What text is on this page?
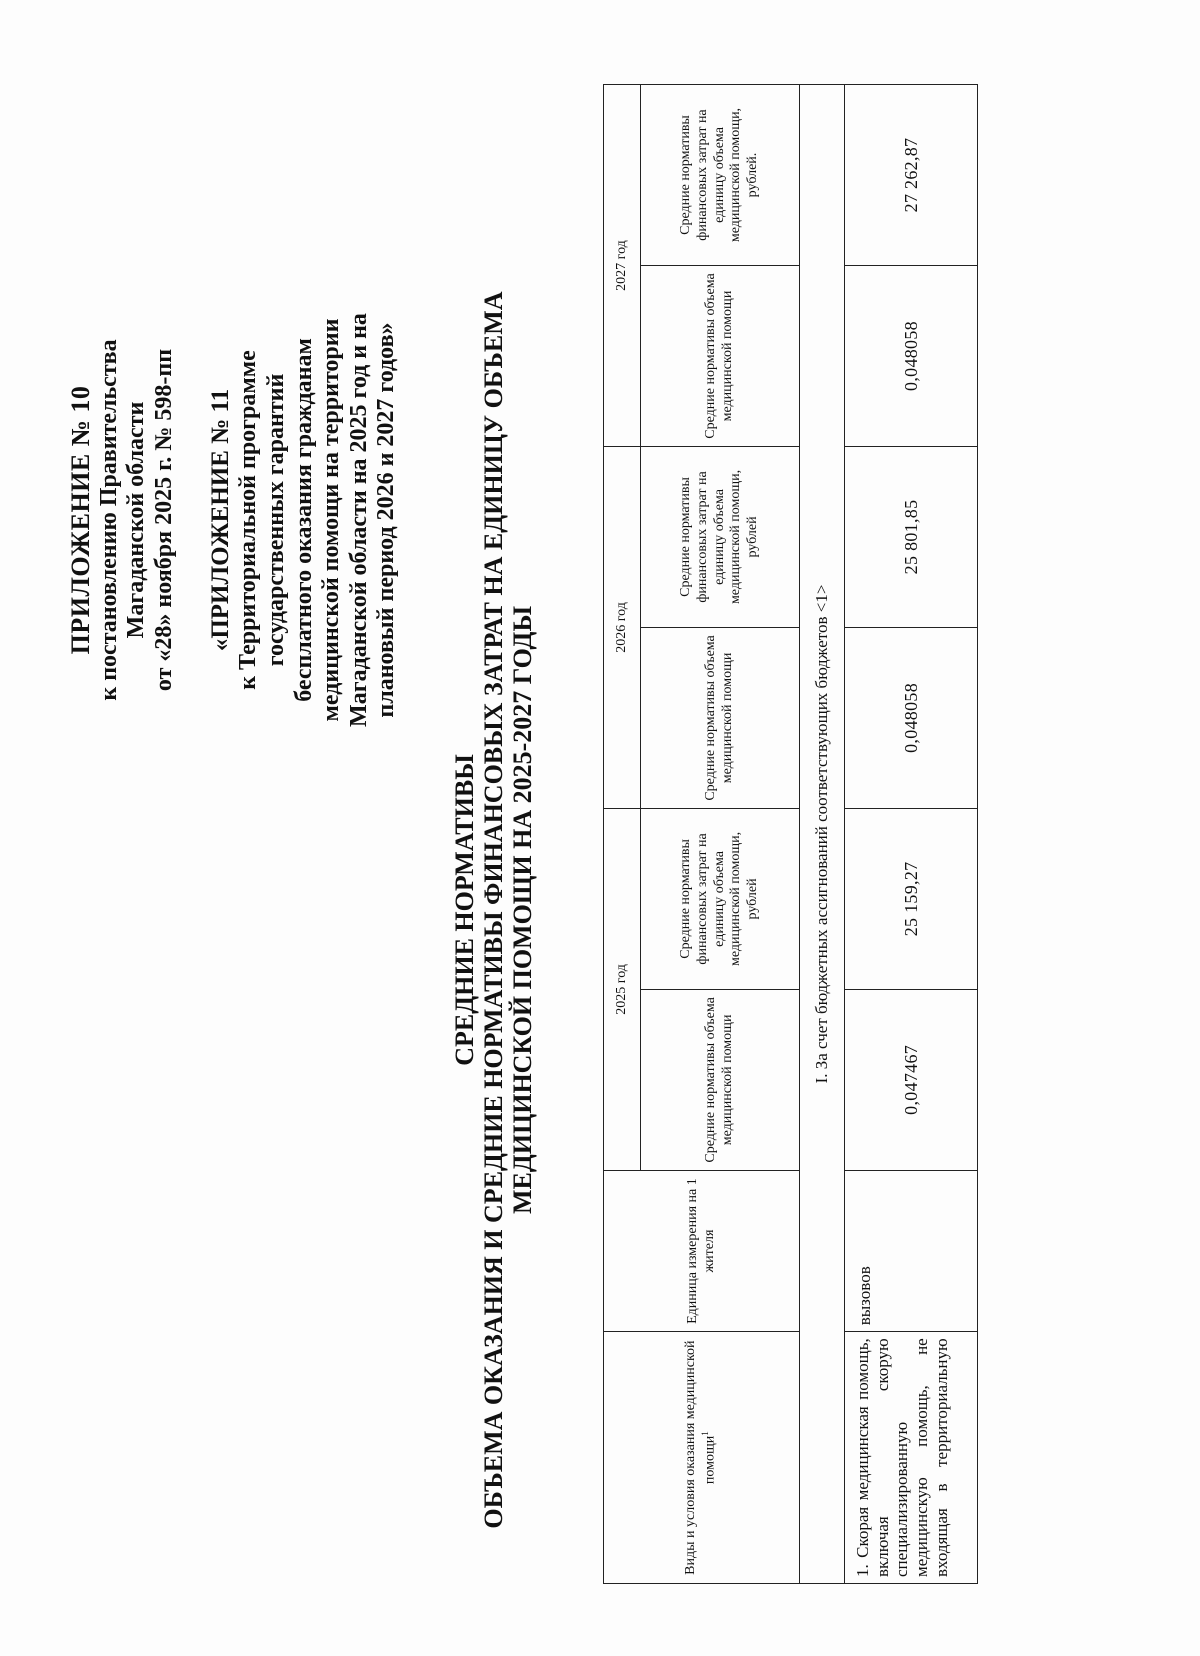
ПРИЛОЖЕНИЕ № 10 к постановлению Правительства Магаданской области от «28» ноября 2025 г. № 598-пп «ПРИЛОЖЕНИЕ № 11 к Территориальной программе государственных гарантий бесплатного оказания гражданам медицинской помощи на территории Магаданской области на 2025 год и на плановый период 2026 и 2027 годов»
СРЕДНИЕ НОРМАТИВЫ ОБЪЕМА ОКАЗАНИЯ И СРЕДНИЕ НОРМАТИВЫ ФИНАНСОВЫХ ЗАТРАТ НА ЕДИНИЦУ ОБЪЕМА МЕДИЦИНСКОЙ ПОМОЩИ НА 2025-2027 ГОДЫ
Виды и условия оказания медицинской помощи$^1$	Единица измерения на 1 жителя	2025 год		2026 год		2027 год	
		Средние нормативы объема медицинской помощи	Средние нормативы финансовых затрат на единицу объема медицинской помощи, рублей	Средние нормативы объема медицинской помощи	Средние нормативы финансовых затрат на единицу объема медицинской помощи, рублей	Средние нормативы объема медицинской помощи	Средние нормативы финансовых затрат на единицу объема медицинской помощи, рублей.
I. За счет бюджетных ассигнований соответствующих бюджетов <1>							
1. Скорая медицинская помощь, включая скорую специализированную медицинскую помощь, не входящая в территориальную	вызовов	0,047467	25 159,27	0,048058	25 801,85	0,048058	27 262,87
